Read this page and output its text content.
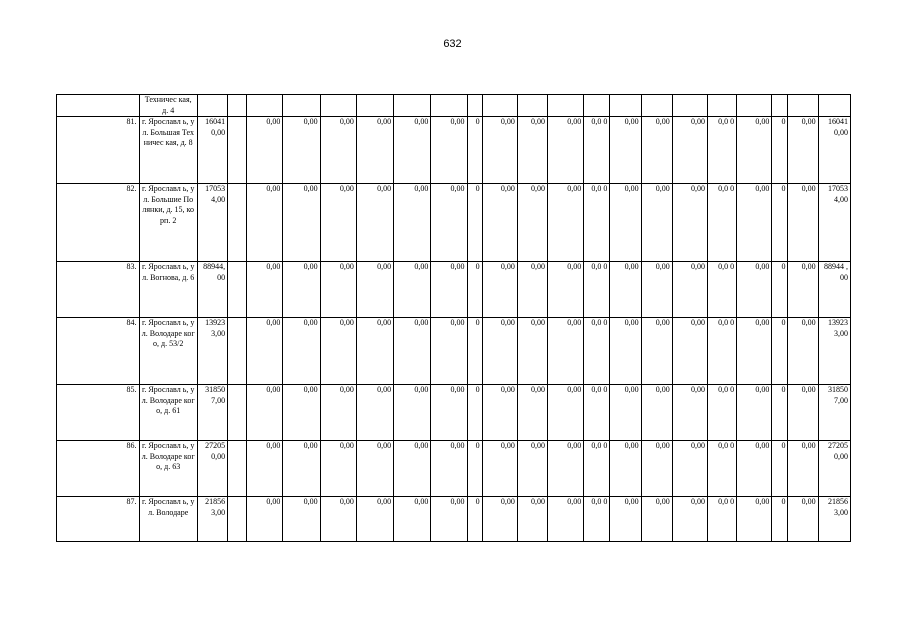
632
	Техничес кая, д. 4																					
81.	г. Ярославл ь, ул. Большая Техничес кая, д. 8	16041 0,00		0,00	0,00	0,00	0,00	0,00	0,00	0	0,00	0,00	0,00	0,0 0	0,00	0,00	0,00	0,0 0	0,00	0	0,00	16041 0,00
82.	г. Ярославл ь, ул. Большие Полянки, д. 15, корп. 2	17053 4,00		0,00	0,00	0,00	0,00	0,00	0,00	0	0,00	0,00	0,00	0,0 0	0,00	0,00	0,00	0,0 0	0,00	0	0,00	17053 4,00
83.	г. Ярославл ь, ул. Вогнова, д. 6	88944, 00		0,00	0,00	0,00	0,00	0,00	0,00	0	0,00	0,00	0,00	0,0 0	0,00	0,00	0,00	0,0 0	0,00	0	0,00	88944 ,00
84.	г. Ярославл ь, ул. Володаре кого, д. 53/2	13923 3,00		0,00	0,00	0,00	0,00	0,00	0,00	0	0,00	0,00	0,00	0,0 0	0,00	0,00	0,00	0,0 0	0,00	0	0,00	13923 3,00
85.	г. Ярославл ь, ул. Володаре кого, д. 61	31850 7,00		0,00	0,00	0,00	0,00	0,00	0,00	0	0,00	0,00	0,00	0,0 0	0,00	0,00	0,00	0,0 0	0,00	0	0,00	31850 7,00
86.	г. Ярославл ь, ул. Володаре кого, д. 63	27205 0,00		0,00	0,00	0,00	0,00	0,00	0,00	0	0,00	0,00	0,00	0,0 0	0,00	0,00	0,00	0,0 0	0,00	0	0,00	27205 0,00
87.	г. Ярославл ь, ул. Володаре	21856 3,00		0,00	0,00	0,00	0,00	0,00	0,00	0	0,00	0,00	0,00	0,0 0	0,00	0,00	0,00	0,0 0	0,00	0	0,00	21856 3,00
